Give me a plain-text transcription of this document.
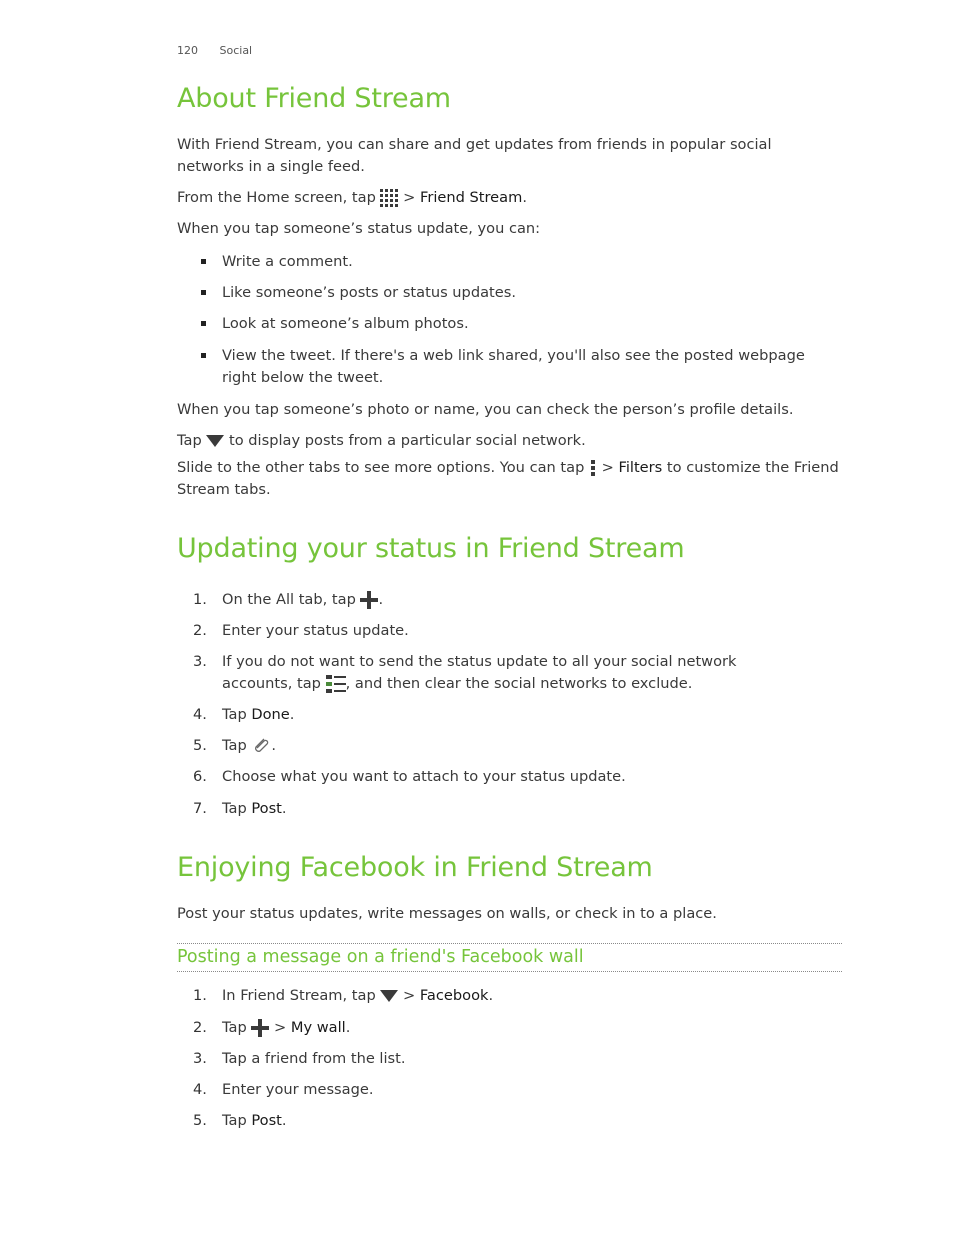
120 Social
About Friend Stream

With Friend Stream, you can share and get updates from friends in popular social networks in a single feed.

From the Home screen, tap > Friend Stream.

When you tap someone’s status update, you can:

Write a comment.
Like someone’s posts or status updates.
Look at someone’s album photos.
View the tweet. If there's a web link shared, you'll also see the posted webpage right below the tweet.

When you tap someone’s photo or name, you can check the person’s profile details.

Tap to display posts from a particular social network.

Slide to the other tabs to see more options. You can tap > Filters to customize the Friend Stream tabs.

Updating your status in Friend Stream
1. On the All tab, tap .
2. Enter your status update.
3. If you do not want to send the status update to all your social network
accounts, tap , and then clear the social networks to exclude.
4. Tap Done.
5. Tap .
6. Choose what you want to attach to your status update.
7. Tap Post.
Enjoying Facebook in Friend Stream

Post your status updates, write messages on walls, or check in to a place.

Posting a message on a friend's Facebook wall
1. In Friend Stream, tap > Facebook.
2. Tap > My wall.
3. Tap a friend from the list.
4. Enter your message.
5. Tap Post.
